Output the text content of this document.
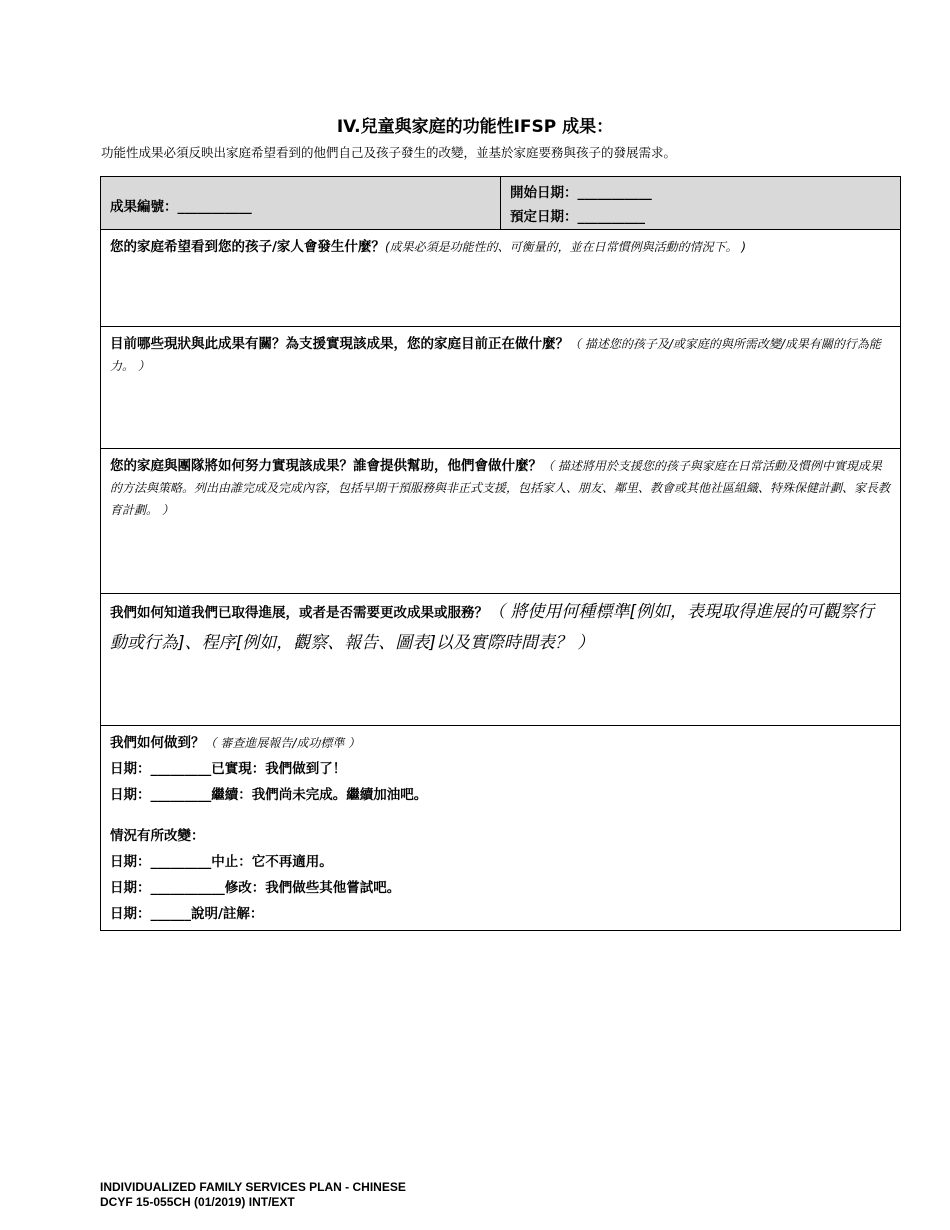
IV.兒童與家庭的功能性IFSP 成果：
功能性成果必須反映出家庭希望看到的他們自己及孩子發生的改變，並基於家庭要務與孩子的發展需求。
成果編號：___________
開始日期：___________
預定日期：__________
您的家庭希望看到您的孩子/家人會發生什麼？(成果必須是功能性的、可衡量的，並在日常慣例與活動的情況下。 )
目前哪些現狀與此成果有關？為支援實現該成果，您的家庭目前正在做什麼？（ 描述您的孩子及/或家庭的與所需改變/成果有關的行為能力。 ）
您的家庭與團隊將如何努力實現該成果？誰會提供幫助，他們會做什麼？（ 描述將用於支援您的孩子與家庭在日常活動及慣例中實現成果的方法與策略。列出由誰完成及完成內容，包括早期干預服務與非正式支援，包括家人、朋友、鄰里、教會或其他社區組織、特殊保健計劃、家長教育計劃。 ）
我們如何知道我們已取得進展，或者是否需要更改成果或服務？（ 將使用何種標準[例如，表現取得進展的可觀察行動或行為]、程序[例如，觀察、報告、圖表]以及實際時間表？ ）
我們如何做到？（ 審查進展報告/成功標準 ）
日期：_________已實現：我們做到了！
日期：_________繼續：我們尚未完成。繼續加油吧。
情況有所改變：
日期：_________中止：它不再適用。
日期：___________修改：我們做些其他嘗試吧。
日期：______說明/註解：
INDIVIDUALIZED FAMILY SERVICES PLAN - CHINESE
DCYF 15-055CH (01/2019) INT/EXT
